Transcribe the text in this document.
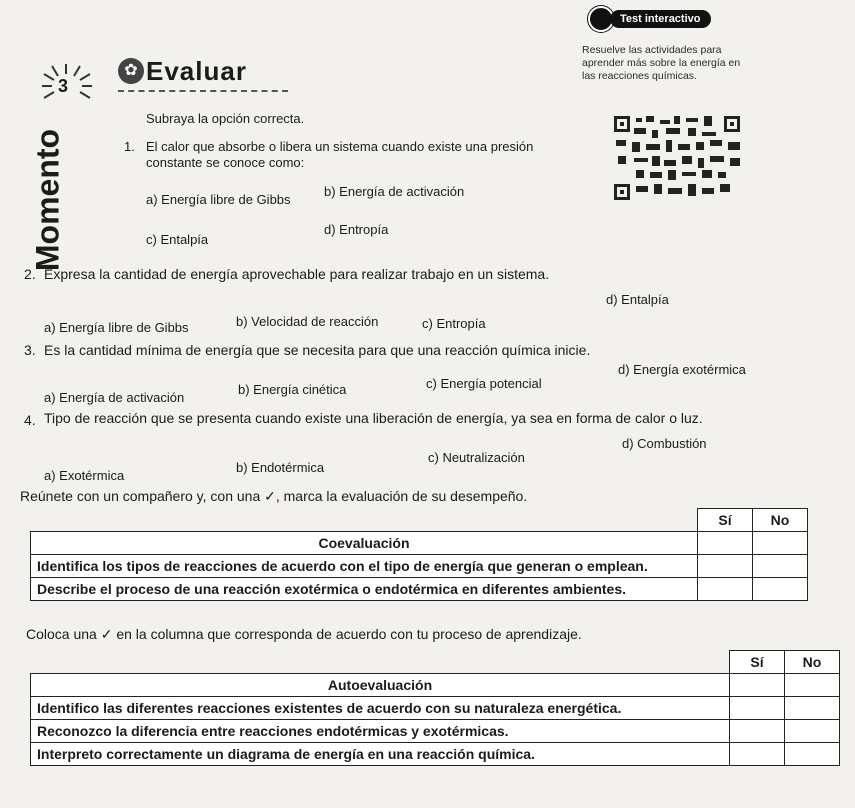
Test interactivo
Resuelve las actividades para aprender más sobre la energía en las reacciones químicas.
3
✿ Evaluar
Momento
Subraya la opción correcta.
1. El calor que absorbe o libera un sistema cuando existe una presión
constante se conoce como:
a) Energía libre de Gibbs
b) Energía de activación
c) Entalpía
d) Entropía
2. Expresa la cantidad de energía aprovechable para realizar trabajo en un sistema.
a) Energía libre de Gibbs	b) Velocidad de reacción	c) Entropía
d) Entalpía
3. Es la cantidad mínima de energía que se necesita para que una reacción química inicie.
a) Energía de activación
b) Energía cinética	c) Energía potencial
d) Energía exotérmica
4. Tipo de reacción que se presenta cuando existe una liberación de energía, ya sea en forma de calor o luz.
a) Exotérmica
b) Endotérmica
c) Neutralización
d) Combustión
Reúnete con un compañero y, con una ✓, marca la evaluación de su desempeño.
	Sí	No
Coevaluación		
Identifica los tipos de reacciones de acuerdo con el tipo de energía que generan o emplean.		
Describe el proceso de una reacción exotérmica o endotérmica en diferentes ambientes.		
Coloca una ✓ en la columna que corresponda de acuerdo con tu proceso de aprendizaje.
	Sí	No
Autoevaluación		
Identifico las diferentes reacciones existentes de acuerdo con su naturaleza energética.		
Reconozco la diferencia entre reacciones endotérmicas y exotérmicas.		
Interpreto correctamente un diagrama de energía en una reacción química.		
